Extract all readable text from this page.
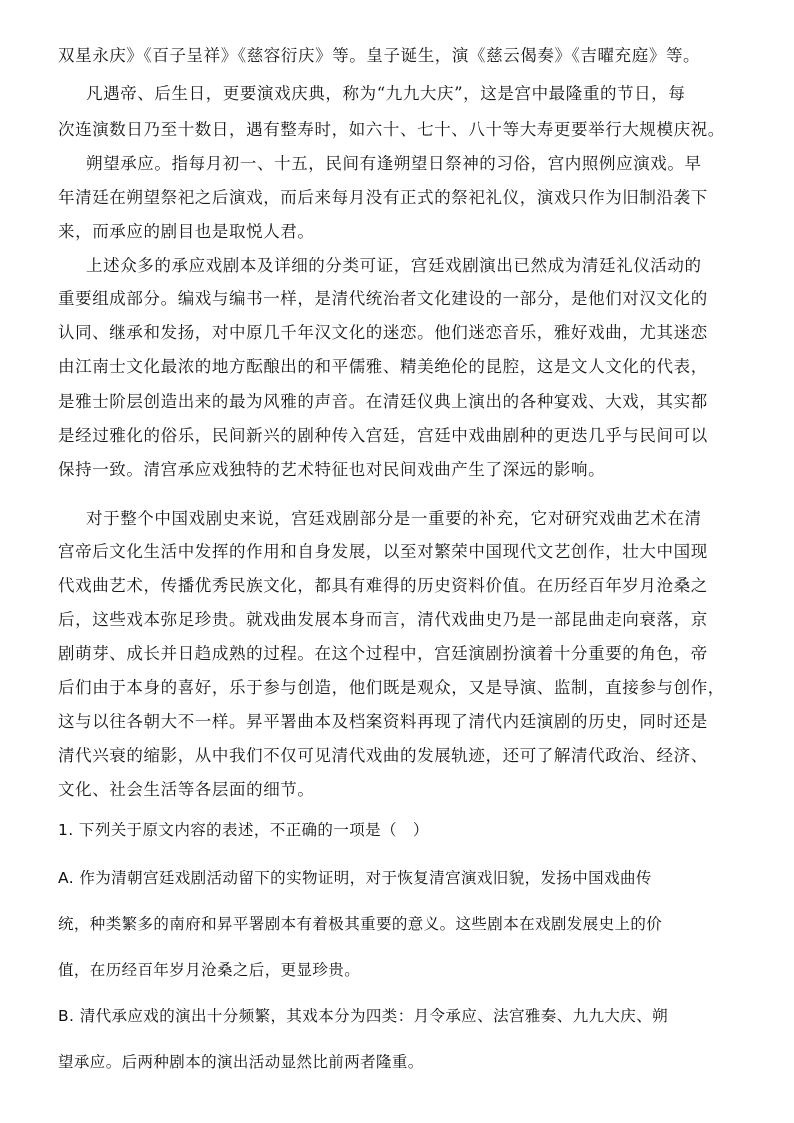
双星永庆》《百子呈祥》《慈容衍庆》等。皇子诞生，演《慈云偈奏》《吉曜充庭》等。
凡遇帝、后生日，更要演戏庆典，称为“九九大庆”，这是宫中最隆重的节日，每
次连演数日乃至十数日，遇有整寿时，如六十、七十、八十等大寿更要举行大规模庆祝。
朔望承应。指每月初一、十五，民间有逢朔望日祭神的习俗，宫内照例应演戏。早
年清廷在朔望祭祀之后演戏，而后来每月没有正式的祭祀礼仪，演戏只作为旧制沿袭下
来，而承应的剧目也是取悦人君。
上述众多的承应戏剧本及详细的分类可证，宫廷戏剧演出已然成为清廷礼仪活动的
重要组成部分。编戏与编书一样，是清代统治者文化建设的一部分，是他们对汉文化的
认同、继承和发扬，对中原几千年汉文化的迷恋。他们迷恋音乐，雅好戏曲，尤其迷恋
由江南士文化最浓的地方酝酿出的和平儒雅、精美绝伦的昆腔，这是文人文化的代表，
是雅士阶层创造出来的最为风雅的声音。在清廷仪典上演出的各种宴戏、大戏，其实都
是经过雅化的俗乐，民间新兴的剧种传入宫廷，宫廷中戏曲剧种的更迭几乎与民间可以
保持一致。清宫承应戏独特的艺术特征也对民间戏曲产生了深远的影响。
对于整个中国戏剧史来说，宫廷戏剧部分是一重要的补充，它对研究戏曲艺术在清
宫帝后文化生活中发挥的作用和自身发展，以至对繁荣中国现代文艺创作，壮大中国现
代戏曲艺术，传播优秀民族文化，都具有难得的历史资料价值。在历经百年岁月沧桑之
后，这些戏本弥足珍贵。就戏曲发展本身而言，清代戏曲史乃是一部昆曲走向衰落，京
剧萌芽、成长并日趋成熟的过程。在这个过程中，宫廷演剧扮演着十分重要的角色，帝
后们由于本身的喜好，乐于参与创造，他们既是观众，又是导演、监制，直接参与创作，
这与以往各朝大不一样。昇平署曲本及档案资料再现了清代内廷演剧的历史，同时还是
清代兴衰的缩影，从中我们不仅可见清代戏曲的发展轨迹，还可了解清代政治、经济、
文化、社会生活等各层面的细节。
1. 下列关于原文内容的表述，不正确的一项是（　）
A. 作为清朝宫廷戏剧活动留下的实物证明，对于恢复清宫演戏旧貌，发扬中国戏曲传
统，种类繁多的南府和昇平署剧本有着极其重要的意义。这些剧本在戏剧发展史上的价
值，在历经百年岁月沧桑之后，更显珍贵。
B. 清代承应戏的演出十分频繁，其戏本分为四类：月令承应、法宫雅奏、九九大庆、朔
望承应。后两种剧本的演出活动显然比前两者隆重。
